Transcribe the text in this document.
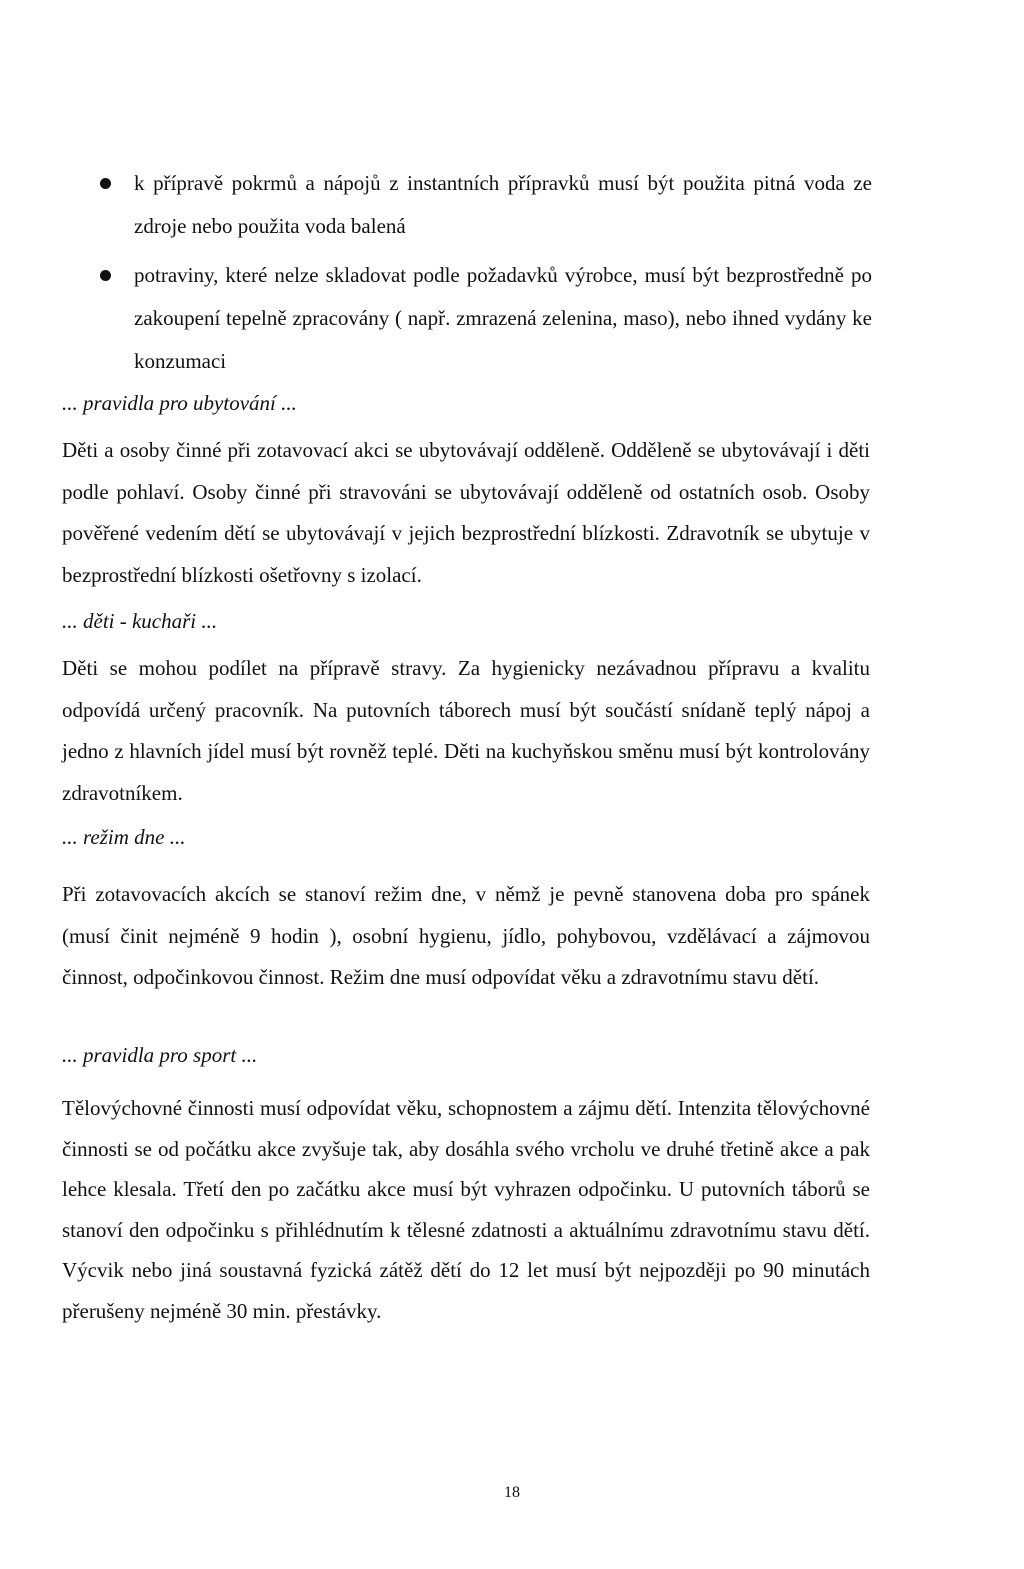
k přípravě pokrmů a nápojů z instantních přípravků musí být použita pitná voda ze zdroje nebo použita voda balená
potraviny, které nelze skladovat podle požadavků výrobce, musí být bezprostředně po zakoupení tepelně zpracovány ( např. zmrazená zelenina, maso), nebo ihned vydány ke konzumaci
... pravidla pro ubytování ...

Děti a osoby činné při zotavovací akci se ubytovávají odděleně. Odděleně se ubytovávají i děti podle pohlaví. Osoby činné při stravováni se ubytovávají odděleně od ostatních osob. Osoby pověřené vedením dětí se ubytovávají v jejich bezprostřední blízkosti. Zdravotník se ubytuje v bezprostřední blízkosti ošetřovny s izolací.

... děti - kuchaři ...

Děti se mohou podílet na přípravě stravy. Za hygienicky nezávadnou přípravu a kvalitu odpovídá určený pracovník. Na putovních táborech musí být součástí snídaně teplý nápoj a jedno z hlavních jídel musí být rovněž teplé. Děti na kuchyňskou směnu musí být kontrolovány zdravotníkem.

... režim dne ...

Při zotavovacích akcích se stanoví režim dne, v němž je pevně stanovena doba pro spánek (musí činit nejméně 9 hodin ), osobní hygienu, jídlo, pohybovou, vzdělávací a zájmovou činnost, odpočinkovou činnost. Režim dne musí odpovídat věku a zdravotnímu stavu dětí.

... pravidla pro sport ...

Tělovýchovné činnosti musí odpovídat věku, schopnostem a zájmu dětí. Intenzita tělovýchovné činnosti se od počátku akce zvyšuje tak, aby dosáhla svého vrcholu ve druhé třetině akce a pak lehce klesala. Třetí den po začátku akce musí být vyhrazen odpočinku. U putovních táborů se stanoví den odpočinku s přihlédnutím k tělesné zdatnosti a aktuálnímu zdravotnímu stavu dětí. Výcvik nebo jiná soustavná fyzická zátěž dětí do 12 let musí být nejpozději po 90 minutách přerušeny nejméně 30 min. přestávky.

18
